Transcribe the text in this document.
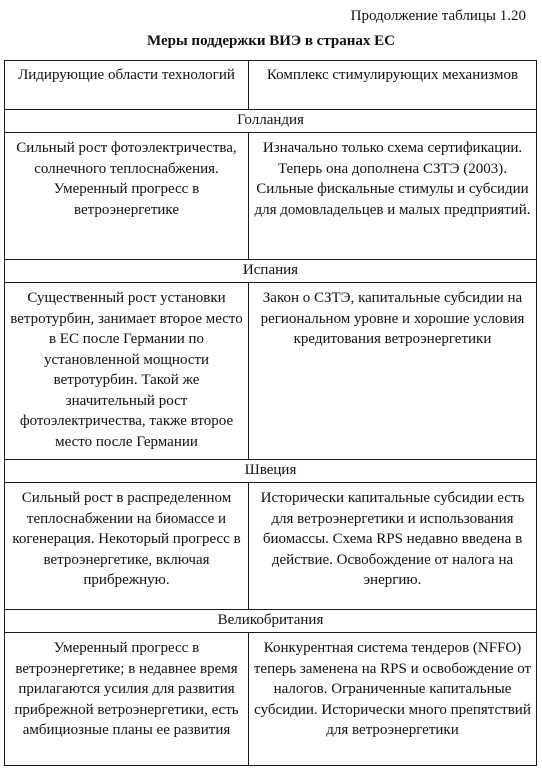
Продолжение таблицы 1.20
Меры поддержки ВИЭ в странах ЕС
Лидирующие области технологий	Комплекс стимулирующих механизмов
Голландия	
Сильный рост фотоэлектричества, солнечного теплоснабжения. Умеренный прогресс в ветроэнергетике	Изначально только схема сертификации. Теперь она дополнена СЗТЭ (2003). Сильные фискальные стимулы и субсидии для домовладельцев и малых предприятий.
Испания	
Существенный рост установки ветротурбин, занимает второе место в ЕС после Германии по установленной мощности ветротурбин. Такой же значительный рост фотоэлектричества, также второе место после Германии	Закон о СЗТЭ, капитальные субсидии на региональном уровне и хорошие условия кредитования ветроэнергетики
Швеция	
Сильный рост в распределенном теплоснабжении на биомассе и когенерация. Некоторый прогресс в ветроэнергетике, включая прибрежную.	Исторически капитальные субсидии есть для ветроэнергетики и использования биомассы. Схема RPS недавно введена в действие. Освобождение от налога на энергию.
Великобритания	
Умеренный прогресс в ветроэнергетике; в недавнее время прилагаются усилия для развития прибрежной ветроэнергетики, есть амбициозные планы ее развития	Конкурентная система тендеров (NFFO) теперь заменена на RPS и освобождение от налогов. Ограниченные капитальные субсидии. Исторически много препятствий для ветроэнергетики
